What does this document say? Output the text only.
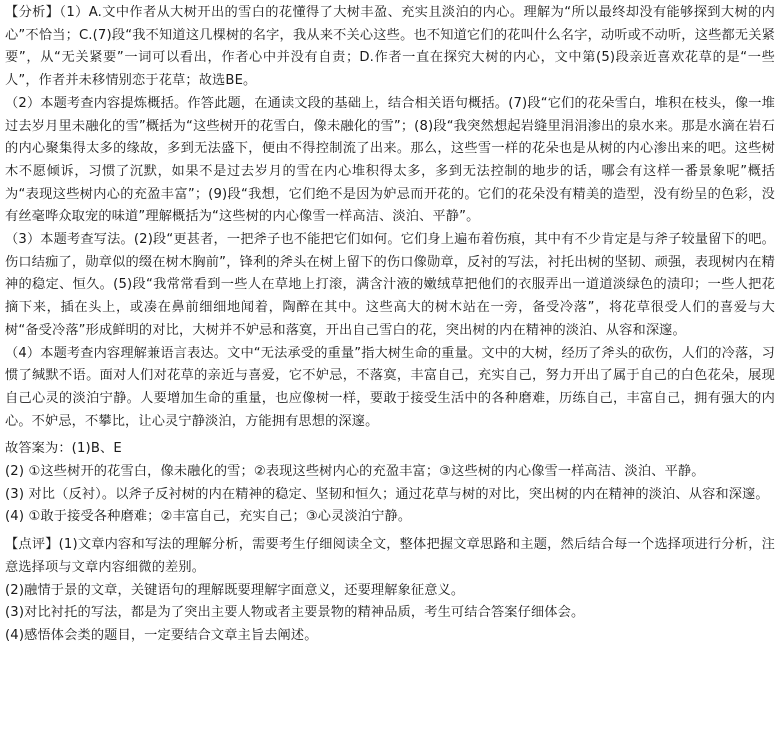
【分析】（1）A.文中作者从大树开出的雪白的花懂得了大树丰盈、充实且淡泊的内心。理解为“所以最终却没有能够探到大树的内心”不恰当；C.(7)段“我不知道这几棵树的名字，我从来不关心这些。也不知道它们的花叫什么名字，动听或不动听，这些都无关紧要”，从“无关紧要”一词可以看出，作者心中并没有自责；D.作者一直在探究大树的内心，文中第(5)段亲近喜欢花草的是“一些人”，作者并未移情别恋于花草；故选BE。

（2）本题考查内容提炼概括。作答此题，在通读文段的基础上，结合相关语句概括。(7)段“它们的花朵雪白，堆积在枝头，像一堆过去岁月里未融化的雪”概括为“这些树开的花雪白，像未融化的雪”；(8)段“我突然想起岩缝里涓涓渗出的泉水来。那是水滴在岩石的内心聚集得太多的缘故，多到无法盛下，便由不得控制流了出来。那么，这些雪一样的花朵也是从树的内心渗出来的吧。这些树木不愿倾诉，习惯了沉默，如果不是过去岁月的雪在内心堆积得太多，多到无法控制的地步的话，哪会有这样一番景象呢”概括为“表现这些树内心的充盈丰富”；(9)段“我想，它们绝不是因为妒忌而开花的。它们的花朵没有精美的造型，没有纷呈的色彩，没有丝毫哗众取宠的味道”理解概括为“这些树的内心像雪一样高洁、淡泊、平静”。

（3）本题考查写法。(2)段“更甚者，一把斧子也不能把它们如何。它们身上遍布着伤痕，其中有不少肯定是与斧子较量留下的吧。伤口结痂了，勋章似的缀在树木胸前”，锋利的斧头在树上留下的伤口像勋章，反衬的写法，衬托出树的坚韧、顽强，表现树内在精神的稳定、恒久。(5)段“我常常看到一些人在草地上打滚，满含汁液的嫩绒草把他们的衣服弄出一道道淡绿色的渍印；一些人把花摘下来，插在头上，或凑在鼻前细细地闻着，陶醉在其中。这些高大的树木站在一旁，备受冷落”，将花草很受人们的喜爱与大树“备受冷落”形成鲜明的对比，大树并不妒忌和落寞，开出自己雪白的花，突出树的内在精神的淡泊、从容和深邃。

（4）本题考查内容理解兼语言表达。文中“无法承受的重量”指大树生命的重量。文中的大树，经历了斧头的砍伤，人们的冷落，习惯了缄默不语。面对人们对花草的亲近与喜爱，它不妒忌，不落寞，丰富自己，充实自己，努力开出了属于自己的白色花朵，展现自己心灵的淡泊宁静。人要增加生命的重量，也应像树一样，要敢于接受生活中的各种磨难，历练自己，丰富自己，拥有强大的内心。不妒忌，不攀比，让心灵宁静淡泊，方能拥有思想的深邃。

故答案为：(1)B、E

(2) ①这些树开的花雪白，像未融化的雪；②表现这些树内心的充盈丰富；③这些树的内心像雪一样高洁、淡泊、平静。

(3) 对比（反衬）。以斧子反衬树的内在精神的稳定、坚韧和恒久；通过花草与树的对比，突出树的内在精神的淡泊、从容和深邃。

(4) ①敢于接受各种磨难；②丰富自己，充实自己；③心灵淡泊宁静。

【点评】(1)文章内容和写法的理解分析，需要考生仔细阅读全文，整体把握文章思路和主题，然后结合每一个选择项进行分析，注意选择项与文章内容细微的差别。

(2)融情于景的文章，关键语句的理解既要理解字面意义，还要理解象征意义。

(3)对比衬托的写法，都是为了突出主要人物或者主要景物的精神品质，考生可结合答案仔细体会。

(4)感悟体会类的题目，一定要结合文章主旨去阐述。
